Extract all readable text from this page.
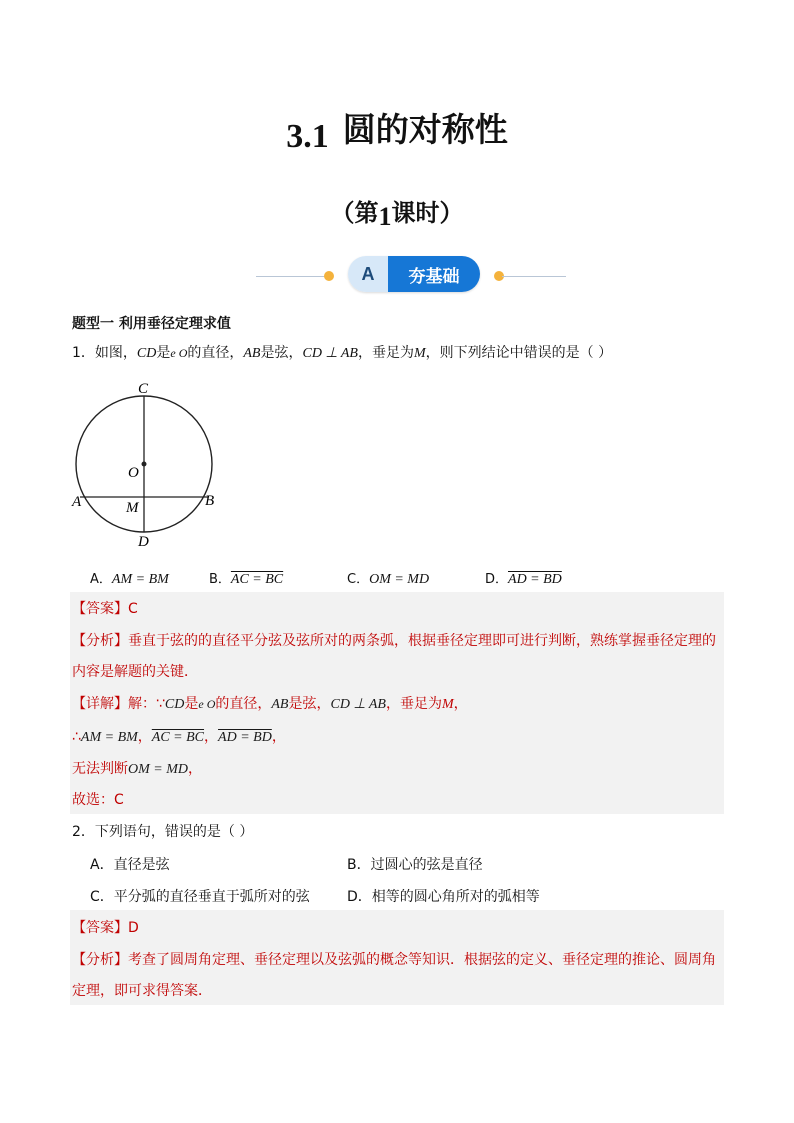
3.1 圆的对称性
（第1课时）
A	夯基础
题型一 利用垂径定理求值
1．如图，CD是e O的直径，AB是弦，CD ⊥ AB，垂足为M，则下列结论中错误的是（ ）
C
O
A	M	B
D
A．AM = BM	B．AC = BC	C．OM = MD	D．AD = BD
【答案】C
【分析】垂直于弦的的直径平分弦及弦所对的两条弧，根据垂径定理即可进行判断，熟练掌握垂径定理的
内容是解题的关键．
【详解】解：∵CD是e O的直径，AB是弦，CD ⊥ AB，垂足为M，
∴AM = BM，AC = BC，AD = BD，
无法判断OM = MD，
故选：C
2．下列语句，错误的是（ ）
A．直径是弦	B．过圆心的弦是直径
C．平分弧的直径垂直于弧所对的弦	D．相等的圆心角所对的弧相等
【答案】D
【分析】考查了圆周角定理、垂径定理以及弦弧的概念等知识．根据弦的定义、垂径定理的推论、圆周角
定理，即可求得答案．
